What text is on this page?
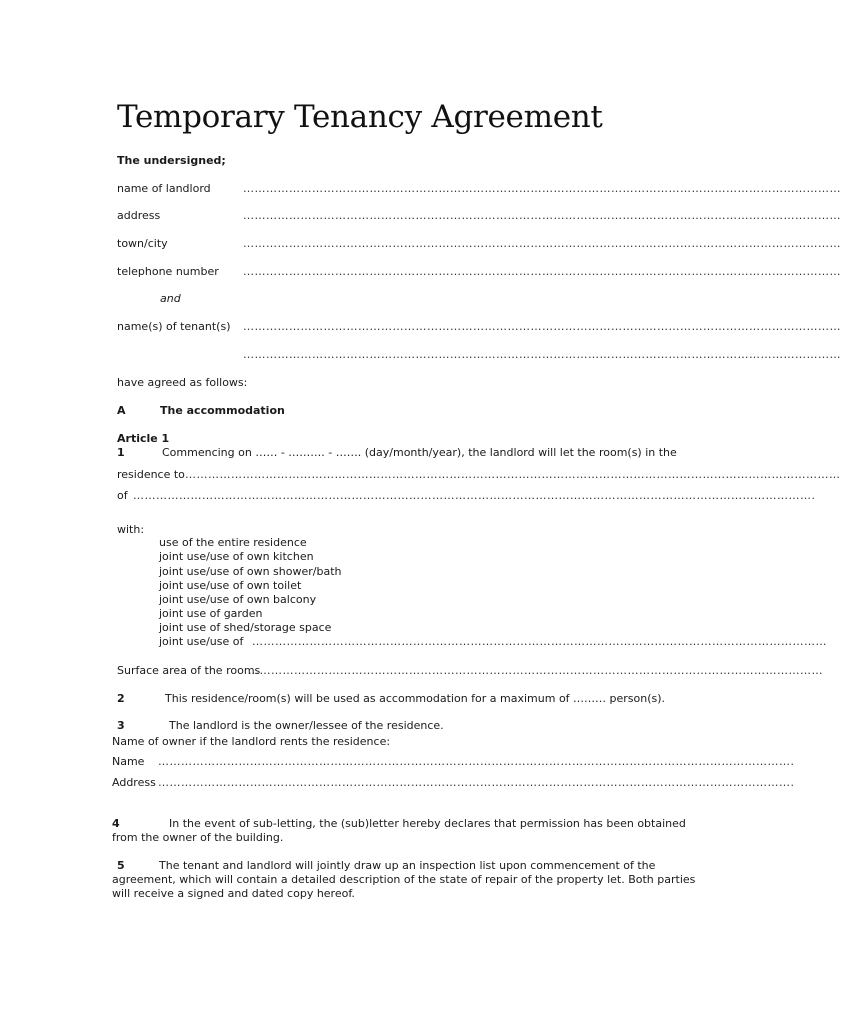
Temporary Tenancy Agreement
The undersigned;
name of landlord	…………………………………………………………………………………………………………………………………………
address	…………………………………………………………………………………………………………………………………………
town/city	…………………………………………………………………………………………………………………………………………
telephone number …………………………………………………………………………………………………………………………………………
and
name(s) of tenant(s) …………………………………………………………………………………………………………………………………………
…………………………………………………………………………………………………………………………………………
have agreed as follows:
A	The accommodation
Article 1
1	Commencing on …… - ………. - ……. (day/month/year), the landlord will let the room(s) in the
residence to ………………………………………………………………………………………………………………………………………………………
of …………………………………………………………………………………………………………………………………………………………….
with:
use of the entire residence
joint use/use of own kitchen
joint use/use of own shower/bath
joint use/use of own toilet
joint use/use of own balcony
joint use of garden
joint use of shed/storage space
joint use/use of ……………………………………………………………………………………………………………………………………
Surface area of the rooms
……………………………………………………………………………………………………………………………………
2	This residence/room(s) will be used as accommodation for a maximum of ……… person(s).
3	The landlord is the owner/lessee of the residence.
Name of owner if the landlord rents the residence:
Name ………………………………………………………………………………………………………………………………………………….
Address ………………………………………………………………………………………………………………………………………………….
4	In the event of sub-letting, the (sub)letter hereby declares that permission has been obtained
from the owner of the building.
5	The tenant and landlord will jointly draw up an inspection list upon commencement of the
agreement, which will contain a detailed description of the state of repair of the property let. Both parties
will receive a signed and dated copy hereof.
